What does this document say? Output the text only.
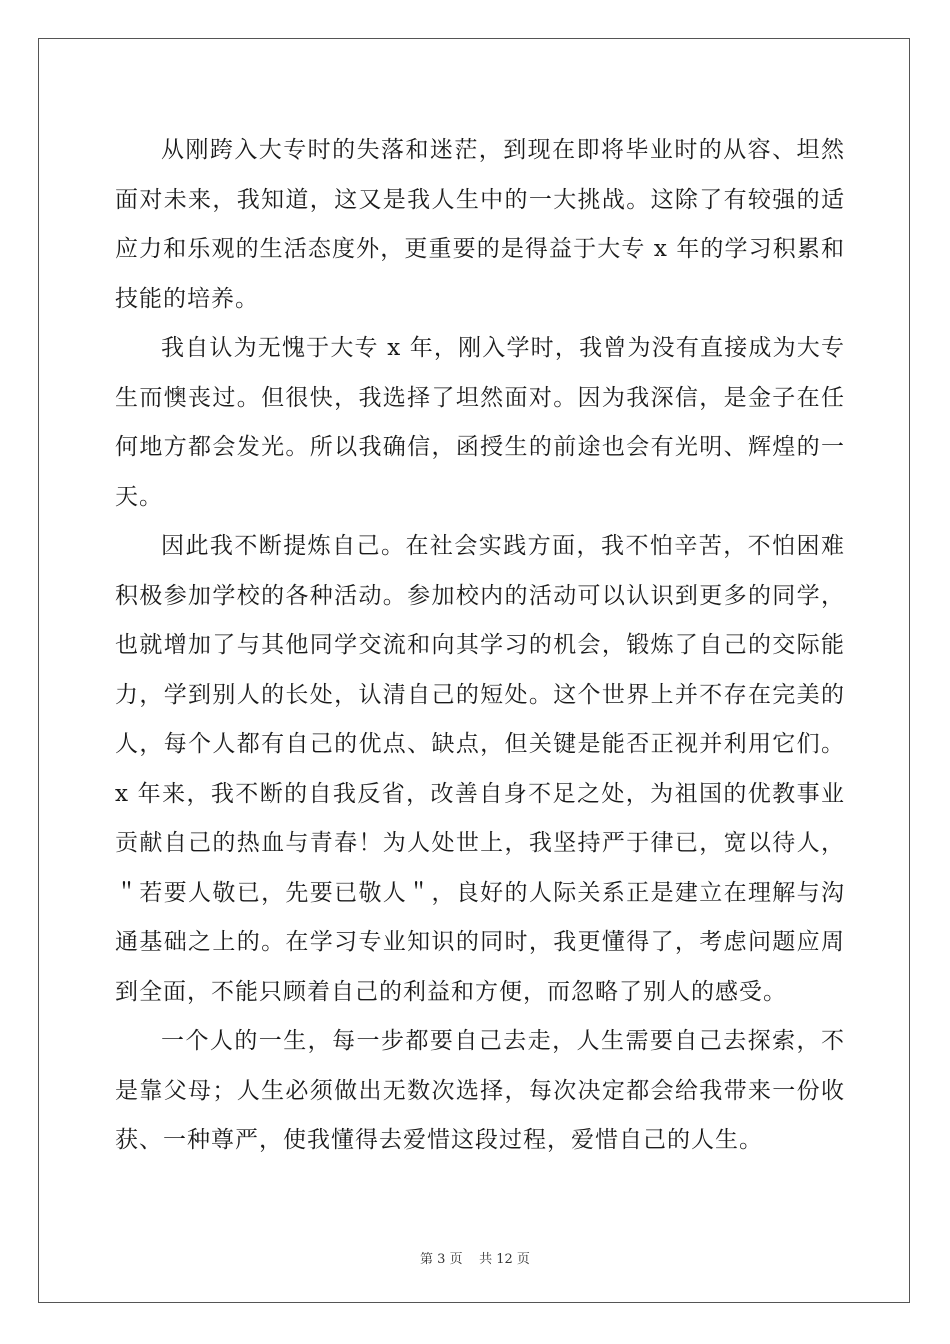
从刚跨入大专时的失落和迷茫，到现在即将毕业时的从容、坦然面对未来，我知道，这又是我人生中的一大挑战。这除了有较强的适应力和乐观的生活态度外，更重要的是得益于大专 x 年的学习积累和技能的培养。

我自认为无愧于大专 x 年，刚入学时，我曾为没有直接成为大专生而懊丧过。但很快，我选择了坦然面对。因为我深信，是金子在任何地方都会发光。所以我确信，函授生的前途也会有光明、辉煌的一天。

因此我不断提炼自己。在社会实践方面，我不怕辛苦，不怕困难积极参加学校的各种活动。参加校内的活动可以认识到更多的同学，也就增加了与其他同学交流和向其学习的机会，锻炼了自己的交际能力，学到别人的长处，认清自己的短处。这个世界上并不存在完美的人，每个人都有自己的优点、缺点，但关键是能否正视并利用它们。x 年来，我不断的自我反省，改善自身不足之处，为祖国的优教事业贡献自己的热血与青春！为人处世上，我坚持严于律已，宽以待人，＂若要人敬已，先要已敬人＂，良好的人际关系正是建立在理解与沟通基础之上的。在学习专业知识的同时，我更懂得了，考虑问题应周到全面，不能只顾着自己的利益和方便，而忽略了别人的感受。

一个人的一生，每一步都要自己去走，人生需要自己去探索，不是靠父母；人生必须做出无数次选择，每次决定都会给我带来一份收获、一种尊严，使我懂得去爱惜这段过程，爱惜自己的人生。

第 3 页 共 12 页
